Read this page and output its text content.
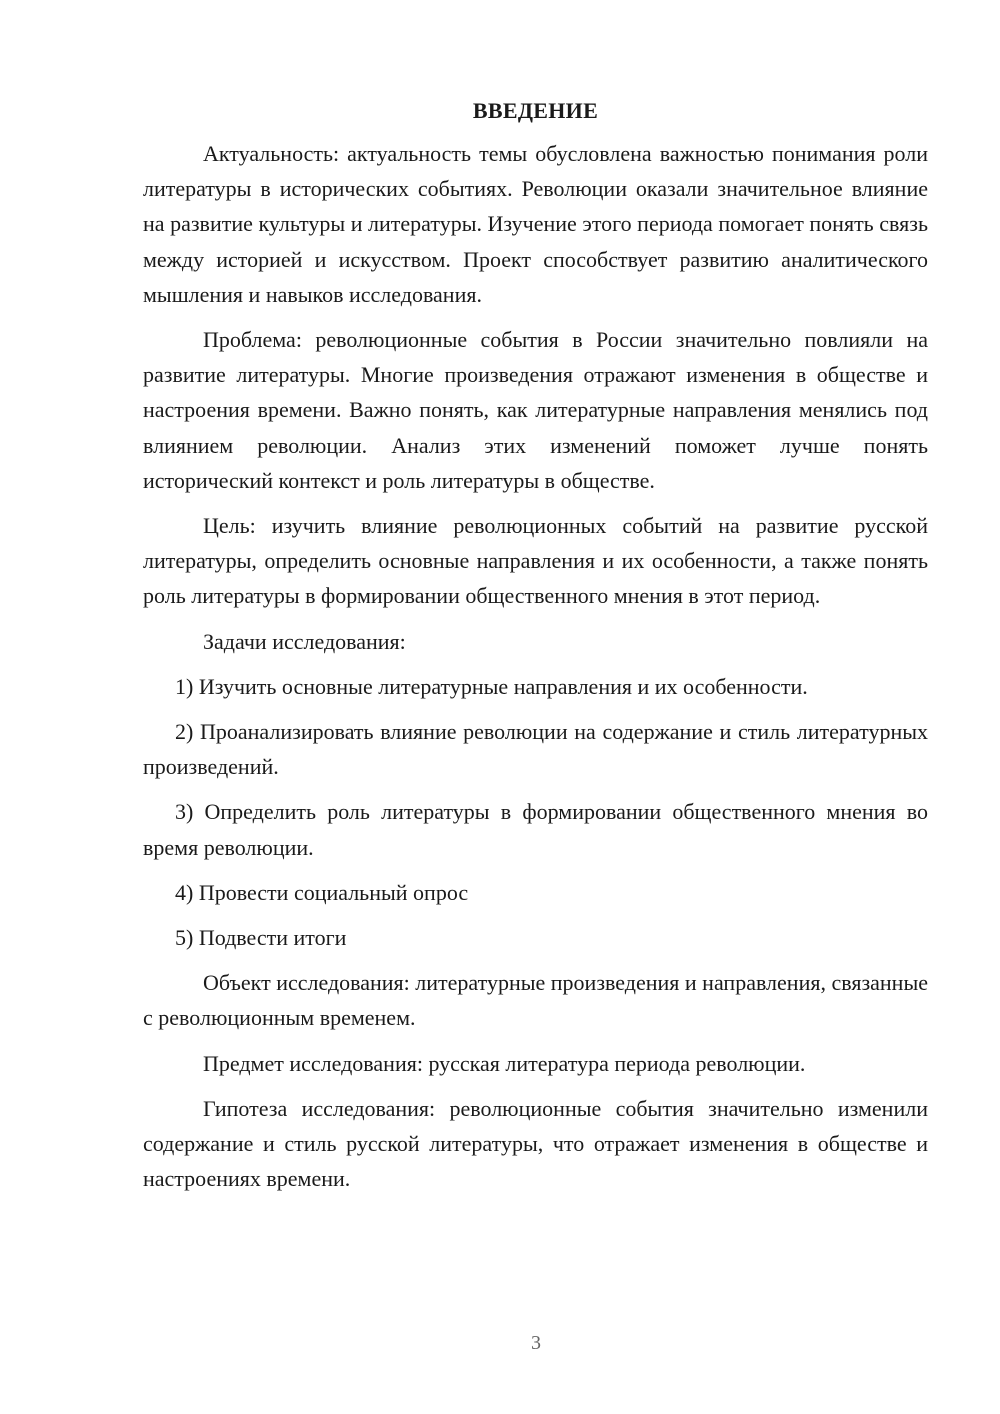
ВВЕДЕНИЕ

Актуальность: актуальность темы обусловлена важностью понимания роли литературы в исторических событиях. Революции оказали значительное влияние на развитие культуры и литературы. Изучение этого периода помогает понять связь между историей и искусством. Проект способствует развитию аналитического мышления и навыков исследования.

Проблема: революционные события в России значительно повлияли на развитие литературы. Многие произведения отражают изменения в обществе и настроения времени. Важно понять, как литературные направления менялись под влиянием революции. Анализ этих изменений поможет лучше понять исторический контекст и роль литературы в обществе.

Цель: изучить влияние революционных событий на развитие русской литературы, определить основные направления и их особенности, а также понять роль литературы в формировании общественного мнения в этот период.

Задачи исследования:

1) Изучить основные литературные направления и их особенности.

2) Проанализировать влияние революции на содержание и стиль литературных произведений.

3) Определить роль литературы в формировании общественного мнения во время революции.

4) Провести социальный опрос

5) Подвести итоги

Объект исследования: литературные произведения и направления, связанные с революционным временем.

Предмет исследования: русская литература периода революции.

Гипотеза исследования: революционные события значительно изменили содержание и стиль русской литературы, что отражает изменения в обществе и настроениях времени.

3
